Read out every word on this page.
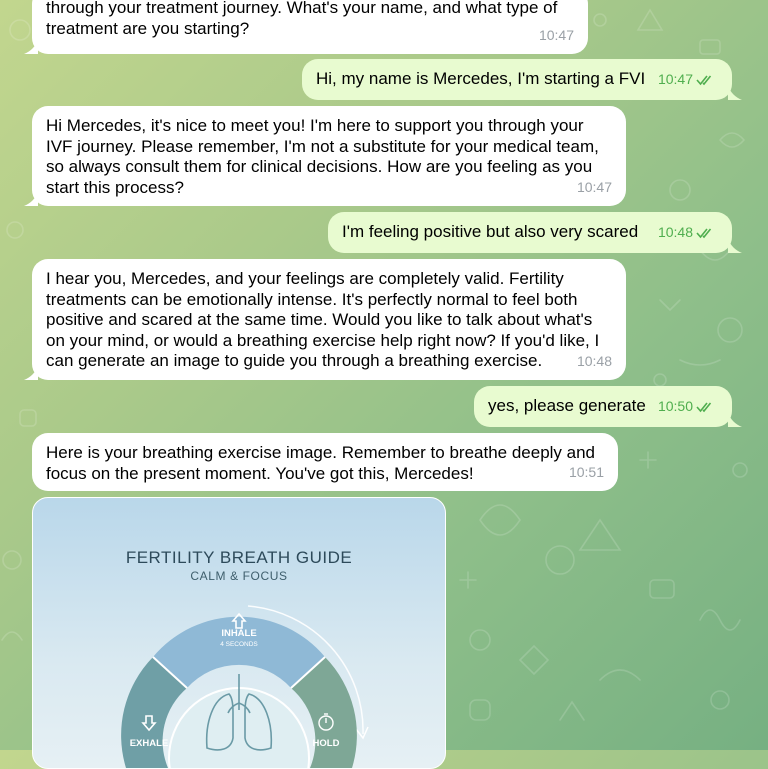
through your treatment journey. What's your name, and what type of
treatment are you starting?	10:47
Hi, my name is Mercedes, I'm starting a FVI 10:47
Hi Mercedes, it's nice to meet you! I'm here to support you through your
IVF journey. Please remember, I'm not a substitute for your medical team,
so always consult them for clinical decisions. How are you feeling as you
start this process?	10:47
I'm feeling positive but also very scared	10:48
I hear you, Mercedes, and your feelings are completely valid. Fertility
treatments can be emotionally intense. It's perfectly normal to feel both
positive and scared at the same time. Would you like to talk about what's
on your mind, or would a breathing exercise help right now? If you'd like, I
can generate an image to guide you through a breathing exercise.	10:48
yes, please generate 10:50
Here is your breathing exercise image. Remember to breathe deeply and
focus on the present moment. You've got this, Mercedes!	10:51
FERTILITY BREATH GUIDE
CALM & FOCUS
INHALE
4 SECONDS
EXHALE	HOLD
